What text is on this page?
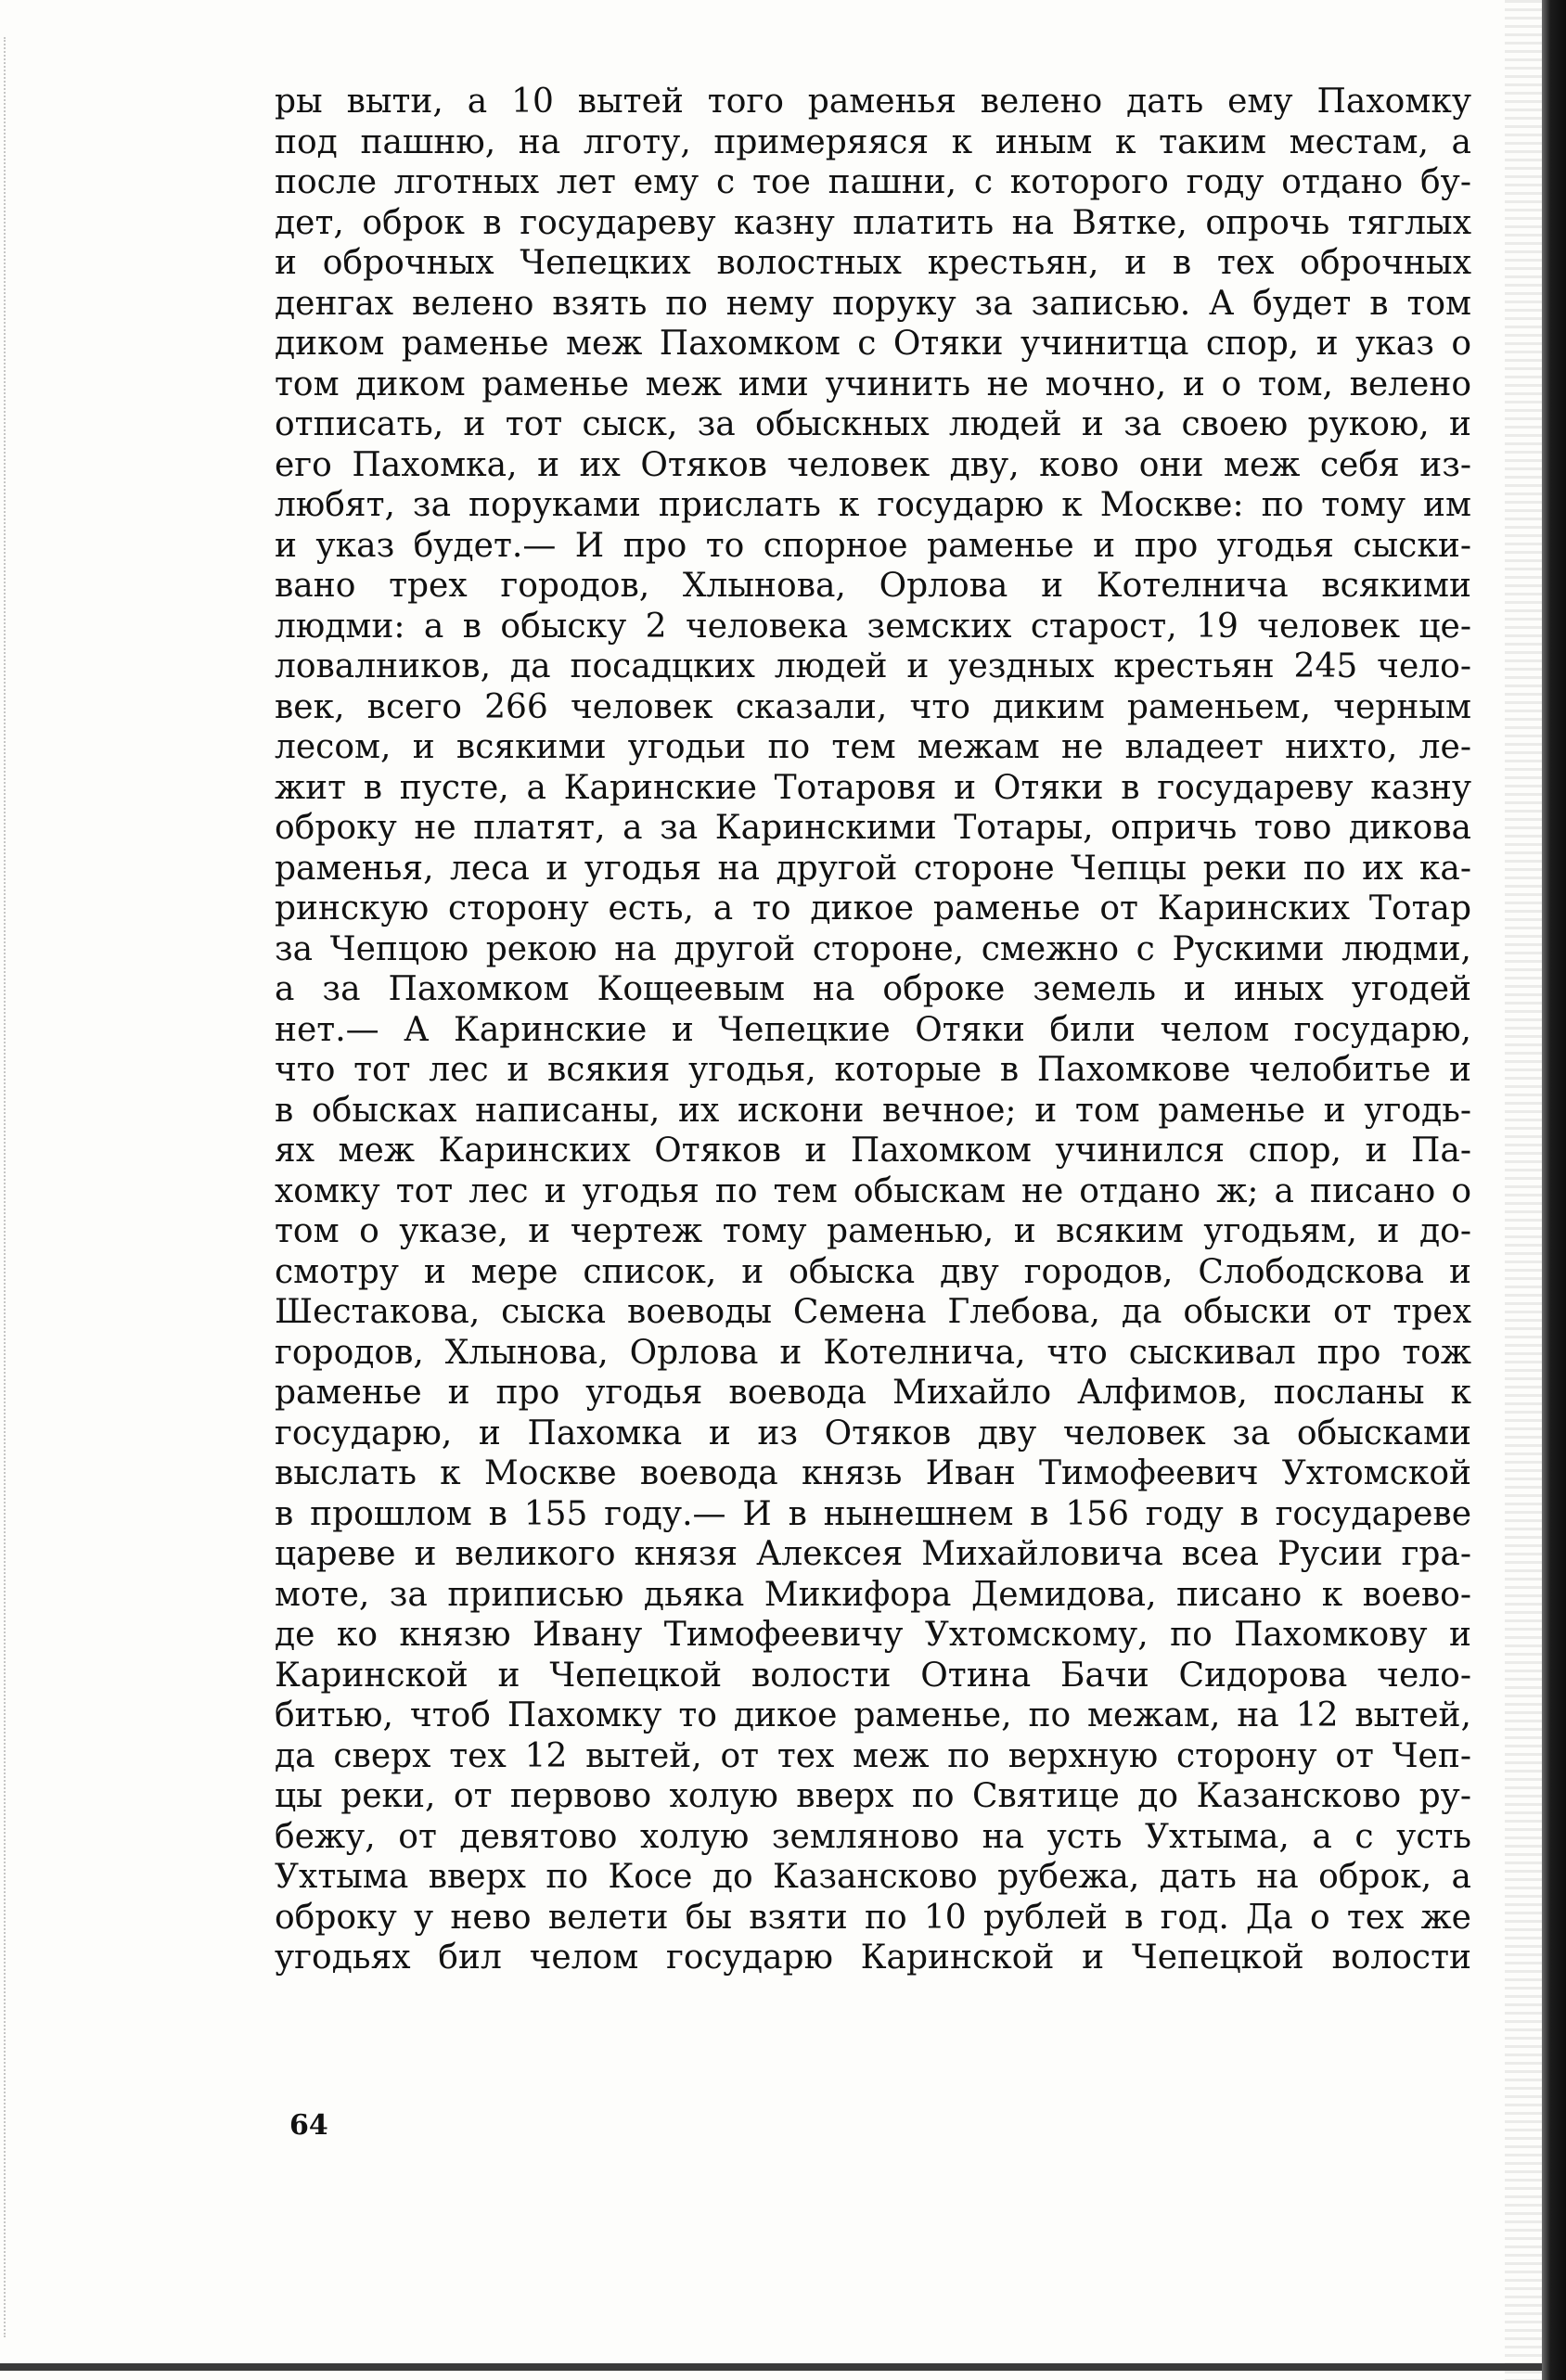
ры выти, а 10 вытей того раменья велено дать ему Пахомку
под пашню, на лготу, примеряяся к иным к таким местам, а
после лготных лет ему с тое пашни, с которого году отдано бу-
дет, оброк в государеву казну платить на Вятке, опрочь тяглых
и оброчных Чепецких волостных крестьян, и в тех оброчных
денгах велено взять по нему поруку за записью. А будет в том
диком раменье меж Пахомком с Отяки учинитца спор, и указ о
том диком раменье меж ими учинить не мочно, и о том, велено
отписать, и тот сыск, за обыскных людей и за своею рукою, и
его Пахомка, и их Отяков человек дву, ково они меж себя из-
любят, за поруками прислать к государю к Москве: по тому им
и указ будет.— И про то спорное раменье и про угодья сыски-
вано трех городов, Хлынова, Орлова и Котелнича всякими
людми: а в обыску 2 человека земских старост, 19 человек це-
ловалников, да посадцких людей и уездных крестьян 245 чело-
век, всего 266 человек сказали, что диким раменьем, черным
лесом, и всякими угодьи по тем межам не владеет нихто, ле-
жит в пусте, а Каринские Тотаровя и Отяки в государеву казну
оброку не платят, а за Каринскими Тотары, опричь тово дикова
раменья, леса и угодья на другой стороне Чепцы реки по их ка-
ринскую сторону есть, а то дикое раменье от Каринских Тотар
за Чепцою рекою на другой стороне, смежно с Рускими людми,
а за Пахомком Кощеевым на оброке земель и иных угодей
нет.— А Каринские и Чепецкие Отяки били челом государю,
что тот лес и всякия угодья, которые в Пахомкове челобитье и
в обысках написаны, их искони вечное; и том раменье и угодь-
ях меж Каринских Отяков и Пахомком учинился спор, и Па-
хомку тот лес и угодья по тем обыскам не отдано ж; а писано о
том о указе, и чертеж тому раменью, и всяким угодьям, и до-
смотру и мере список, и обыска дву городов, Слободскова и
Шестакова, сыска воеводы Семена Глебова, да обыски от трех
городов, Хлынова, Орлова и Котелнича, что сыскивал про тож
раменье и про угодья воевода Михайло Алфимов, посланы к
государю, и Пахомка и из Отяков дву человек за обысками
выслать к Москве воевода князь Иван Тимофеевич Ухтомской
в прошлом в 155 году.— И в нынешнем в 156 году в государеве
цареве и великого князя Алексея Михайловича всеа Русии гра-
моте, за приписью дьяка Микифора Демидова, писано к воево-
де ко князю Ивану Тимофеевичу Ухтомскому, по Пахомкову и
Каринской и Чепецкой волости Отина Бачи Сидорова чело-
битью, чтоб Пахомку то дикое раменье, по межам, на 12 вытей,
да сверх тех 12 вытей, от тех меж по верхную сторону от Чеп-
цы реки, от первово холую вверх по Святице до Казансково ру-
бежу, от девятово холую земляново на усть Ухтыма, а с усть
Ухтыма вверх по Косе до Казансково рубежа, дать на оброк, а
оброку у нево велети бы взяти по 10 рублей в год. Да о тех же
угодьях бил челом государю Каринской и Чепецкой волости
64
